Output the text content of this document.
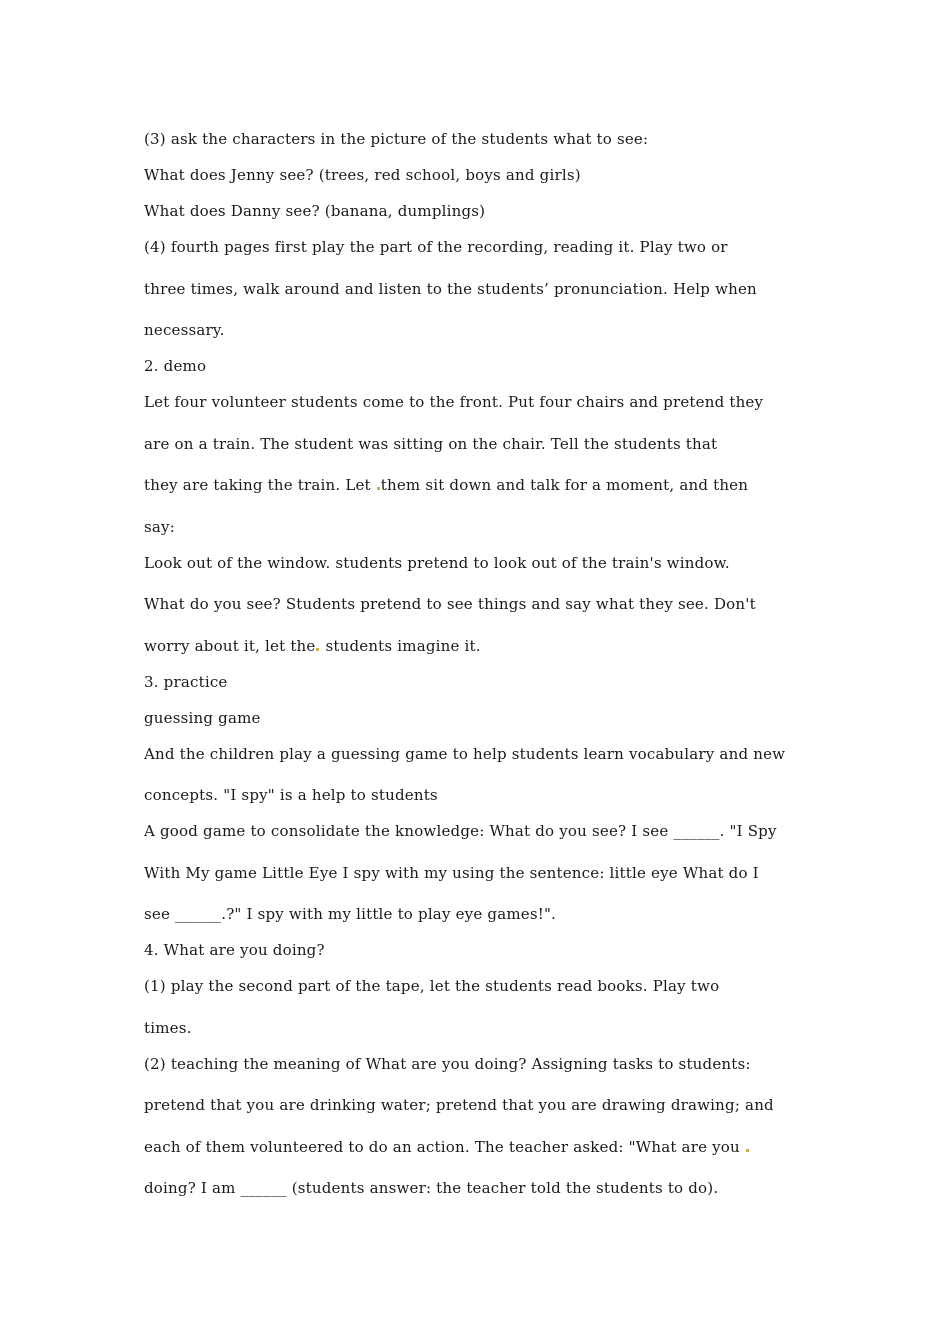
(3) ask the characters in the picture of the students what to see:
What does Jenny see? (trees, red school, boys and girls)
What does Danny see? (banana, dumplings)
(4) fourth pages first play the part of the recording, reading it. Play two or
three times, walk around and listen to the students’ pronunciation. Help when
necessary.
2. demo
Let four volunteer students come to the front. Put four chairs and pretend they
are on a train. The student was sitting on the chair. Tell the students that
they are taking the train. Let them sit down and talk for a moment, and then
say:
Look out of the window. students pretend to look out of the train's window.
What do you see? Students pretend to see things and say what they see. Don't
worry about it, let the students imagine it.
3. practice
guessing game
And the children play a guessing game to help students learn vocabulary and new
concepts. "I spy" is a help to students
A good game to consolidate the knowledge: What do you see? I see ______. "I Spy
With My game Little Eye I spy with my using the sentence: little eye What do I
see ______.?" I spy with my little to play eye games!".
4. What are you doing?
(1) play the second part of the tape, let the students read books. Play two
times.
(2) teaching the meaning of What are you doing? Assigning tasks to students:
pretend that you are drinking water; pretend that you are drawing drawing; and
each of them volunteered to do an action. The teacher asked: "What are you
doing? I am ______ (students answer: the teacher told the students to do).
